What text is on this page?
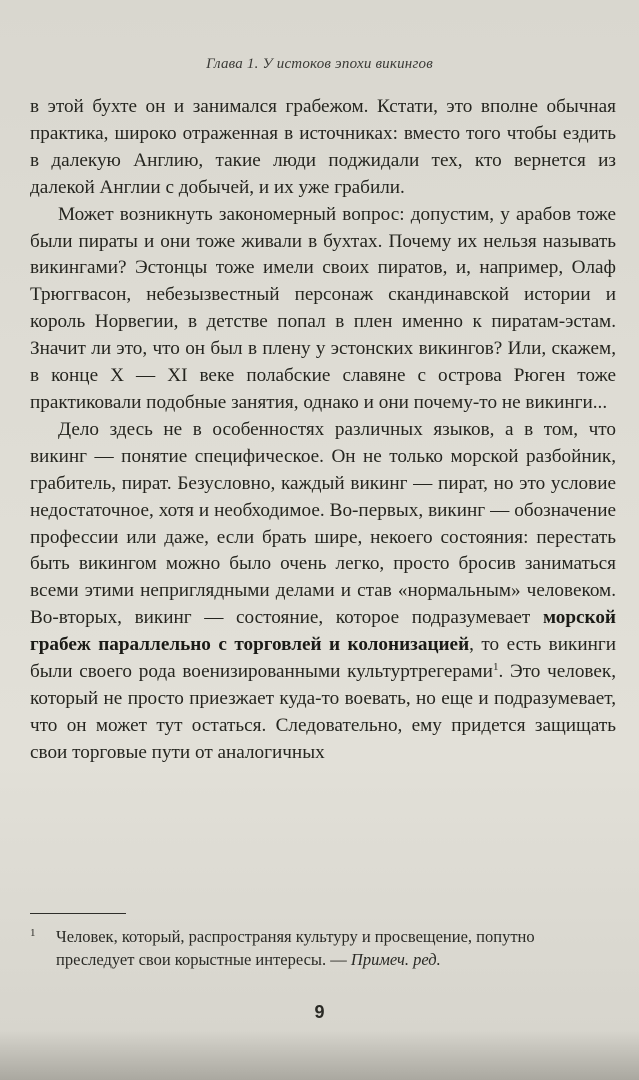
Глава 1. У истоков эпохи викингов

в этой бухте он и занимался грабежом. Кстати, это вполне обычная практика, широко отраженная в источниках: вместо того чтобы ездить в далекую Англию, такие люди поджидали тех, кто вернется из далекой Англии с добычей, и их уже грабили.

Может возникнуть закономерный вопрос: допустим, у арабов тоже были пираты и они тоже живали в бухтах. Почему их нельзя называть викингами? Эстонцы тоже имели своих пиратов, и, например, Олаф Трюггвасон, небезызвестный персонаж скандинавской истории и король Норвегии, в детстве попал в плен именно к пиратам-эстам. Значит ли это, что он был в плену у эстонских викингов? Или, скажем, в конце X — XI веке полабские славяне с острова Рюген тоже практиковали подобные занятия, однако и они почему-то не викинги...

Дело здесь не в особенностях различных языков, а в том, что викинг — понятие специфическое. Он не только морской разбойник, грабитель, пират. Безусловно, каждый викинг — пират, но это условие недостаточное, хотя и необходимое. Во-первых, викинг — обозначение профессии или даже, если брать шире, некоего состояния: перестать быть викингом можно было очень легко, просто бросив заниматься всеми этими неприглядными делами и став «нормальным» человеком. Во-вторых, викинг — состояние, которое подразумевает морской грабеж параллельно с торговлей и колонизацией, то есть викинги были своего рода военизированными культуртрегерами$^1$. Это человек, который не просто приезжает куда-то воевать, но еще и подразумевает, что он может тут остаться. Следовательно, ему придется защищать свои торговые пути от аналогичных

1 Человек, который, распространяя культуру и просвещение, попутно
преследует свои корыстные интересы. — Примеч. ред.
9
